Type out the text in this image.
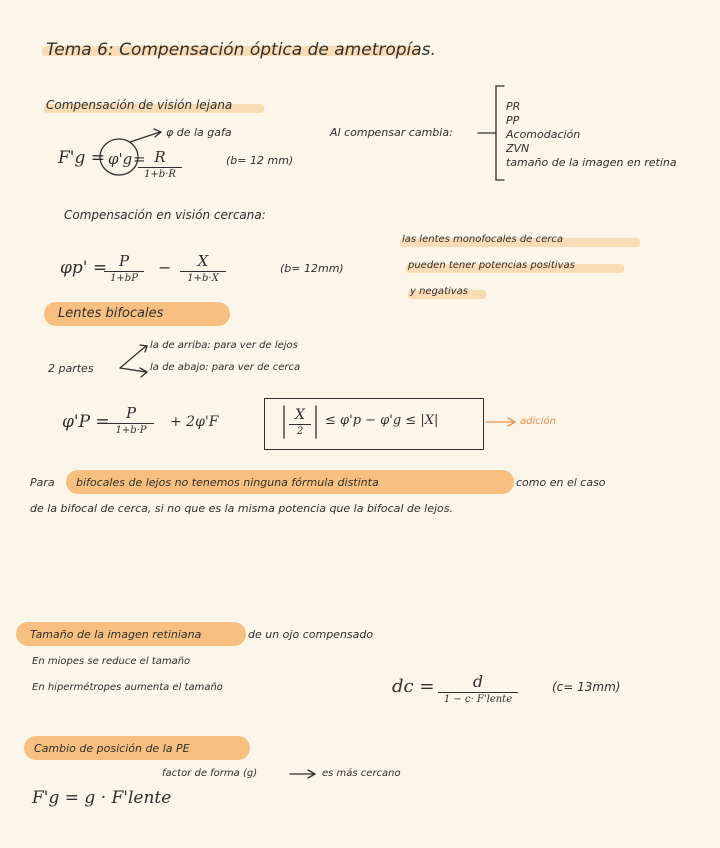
Tema 6: Compensación óptica de ametropías.
Compensación de visión lejana
φ de la gafa
F'g = φ'g = R
1+b·R
(b= 12 mm)
Al compensar cambia:
PR
PP
Acomodación
ZVN
tamaño de la imagen en retina
Compensación en visión cercana:
φp' = P
1+bP
−	X
1+b·X
(b= 12mm)
las lentes monofocales de cerca
pueden tener potencias positivas
y negativas
Lentes bifocales
2 partes
la de arriba: para ver de lejos
la de abajo: para ver de cerca
φ'P =	P
1+b·P
+ 2φ'F	X
2
≤ φ'p − φ'g ≤ |X|	adición
Para bifocales de lejos no tenemos ninguna fórmula distinta	como en el caso
de la bifocal de cerca, si no que es la misma potencia que la bifocal de lejos.
Tamaño de la imagen retiniana	de un ojo compensado
En miopes se reduce el tamaño
En hipermétropes aumenta el tamaño	dc =	d
1 − c· F'lente
(c= 13mm)
Cambio de posición de la PE
factor de forma (g)	es más cercano
F'g = g · F'lente
